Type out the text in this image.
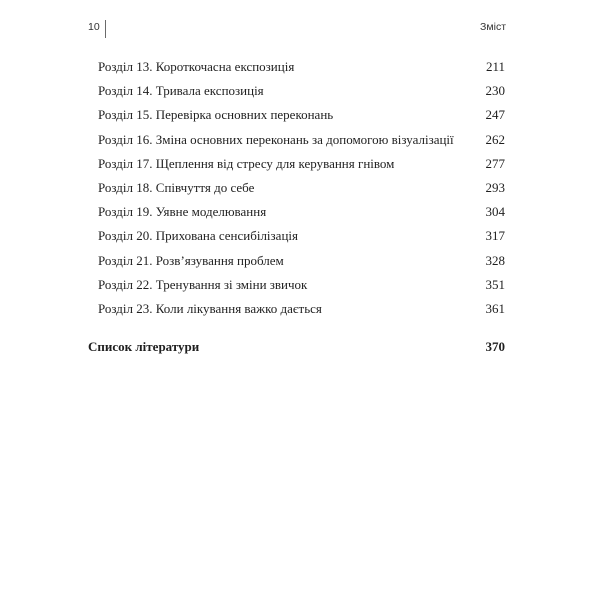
10	Зміст
Розділ 13. Короткочасна експозиція	211
Розділ 14. Тривала експозиція	230
Розділ 15. Перевірка основних переконань	247
Розділ 16. Зміна основних переконань за допомогою візуалізації 262
Розділ 17. Щеплення від стресу для керування гнівом	277
Розділ 18. Співчуття до себе	293
Розділ 19. Уявне моделювання	304
Розділ 20. Прихована сенсибілізація	317
Розділ 21. Розв’язування проблем	328
Розділ 22. Тренування зі зміни звичок	351
Розділ 23. Коли лікування важко дається	361
Список літератури	370
